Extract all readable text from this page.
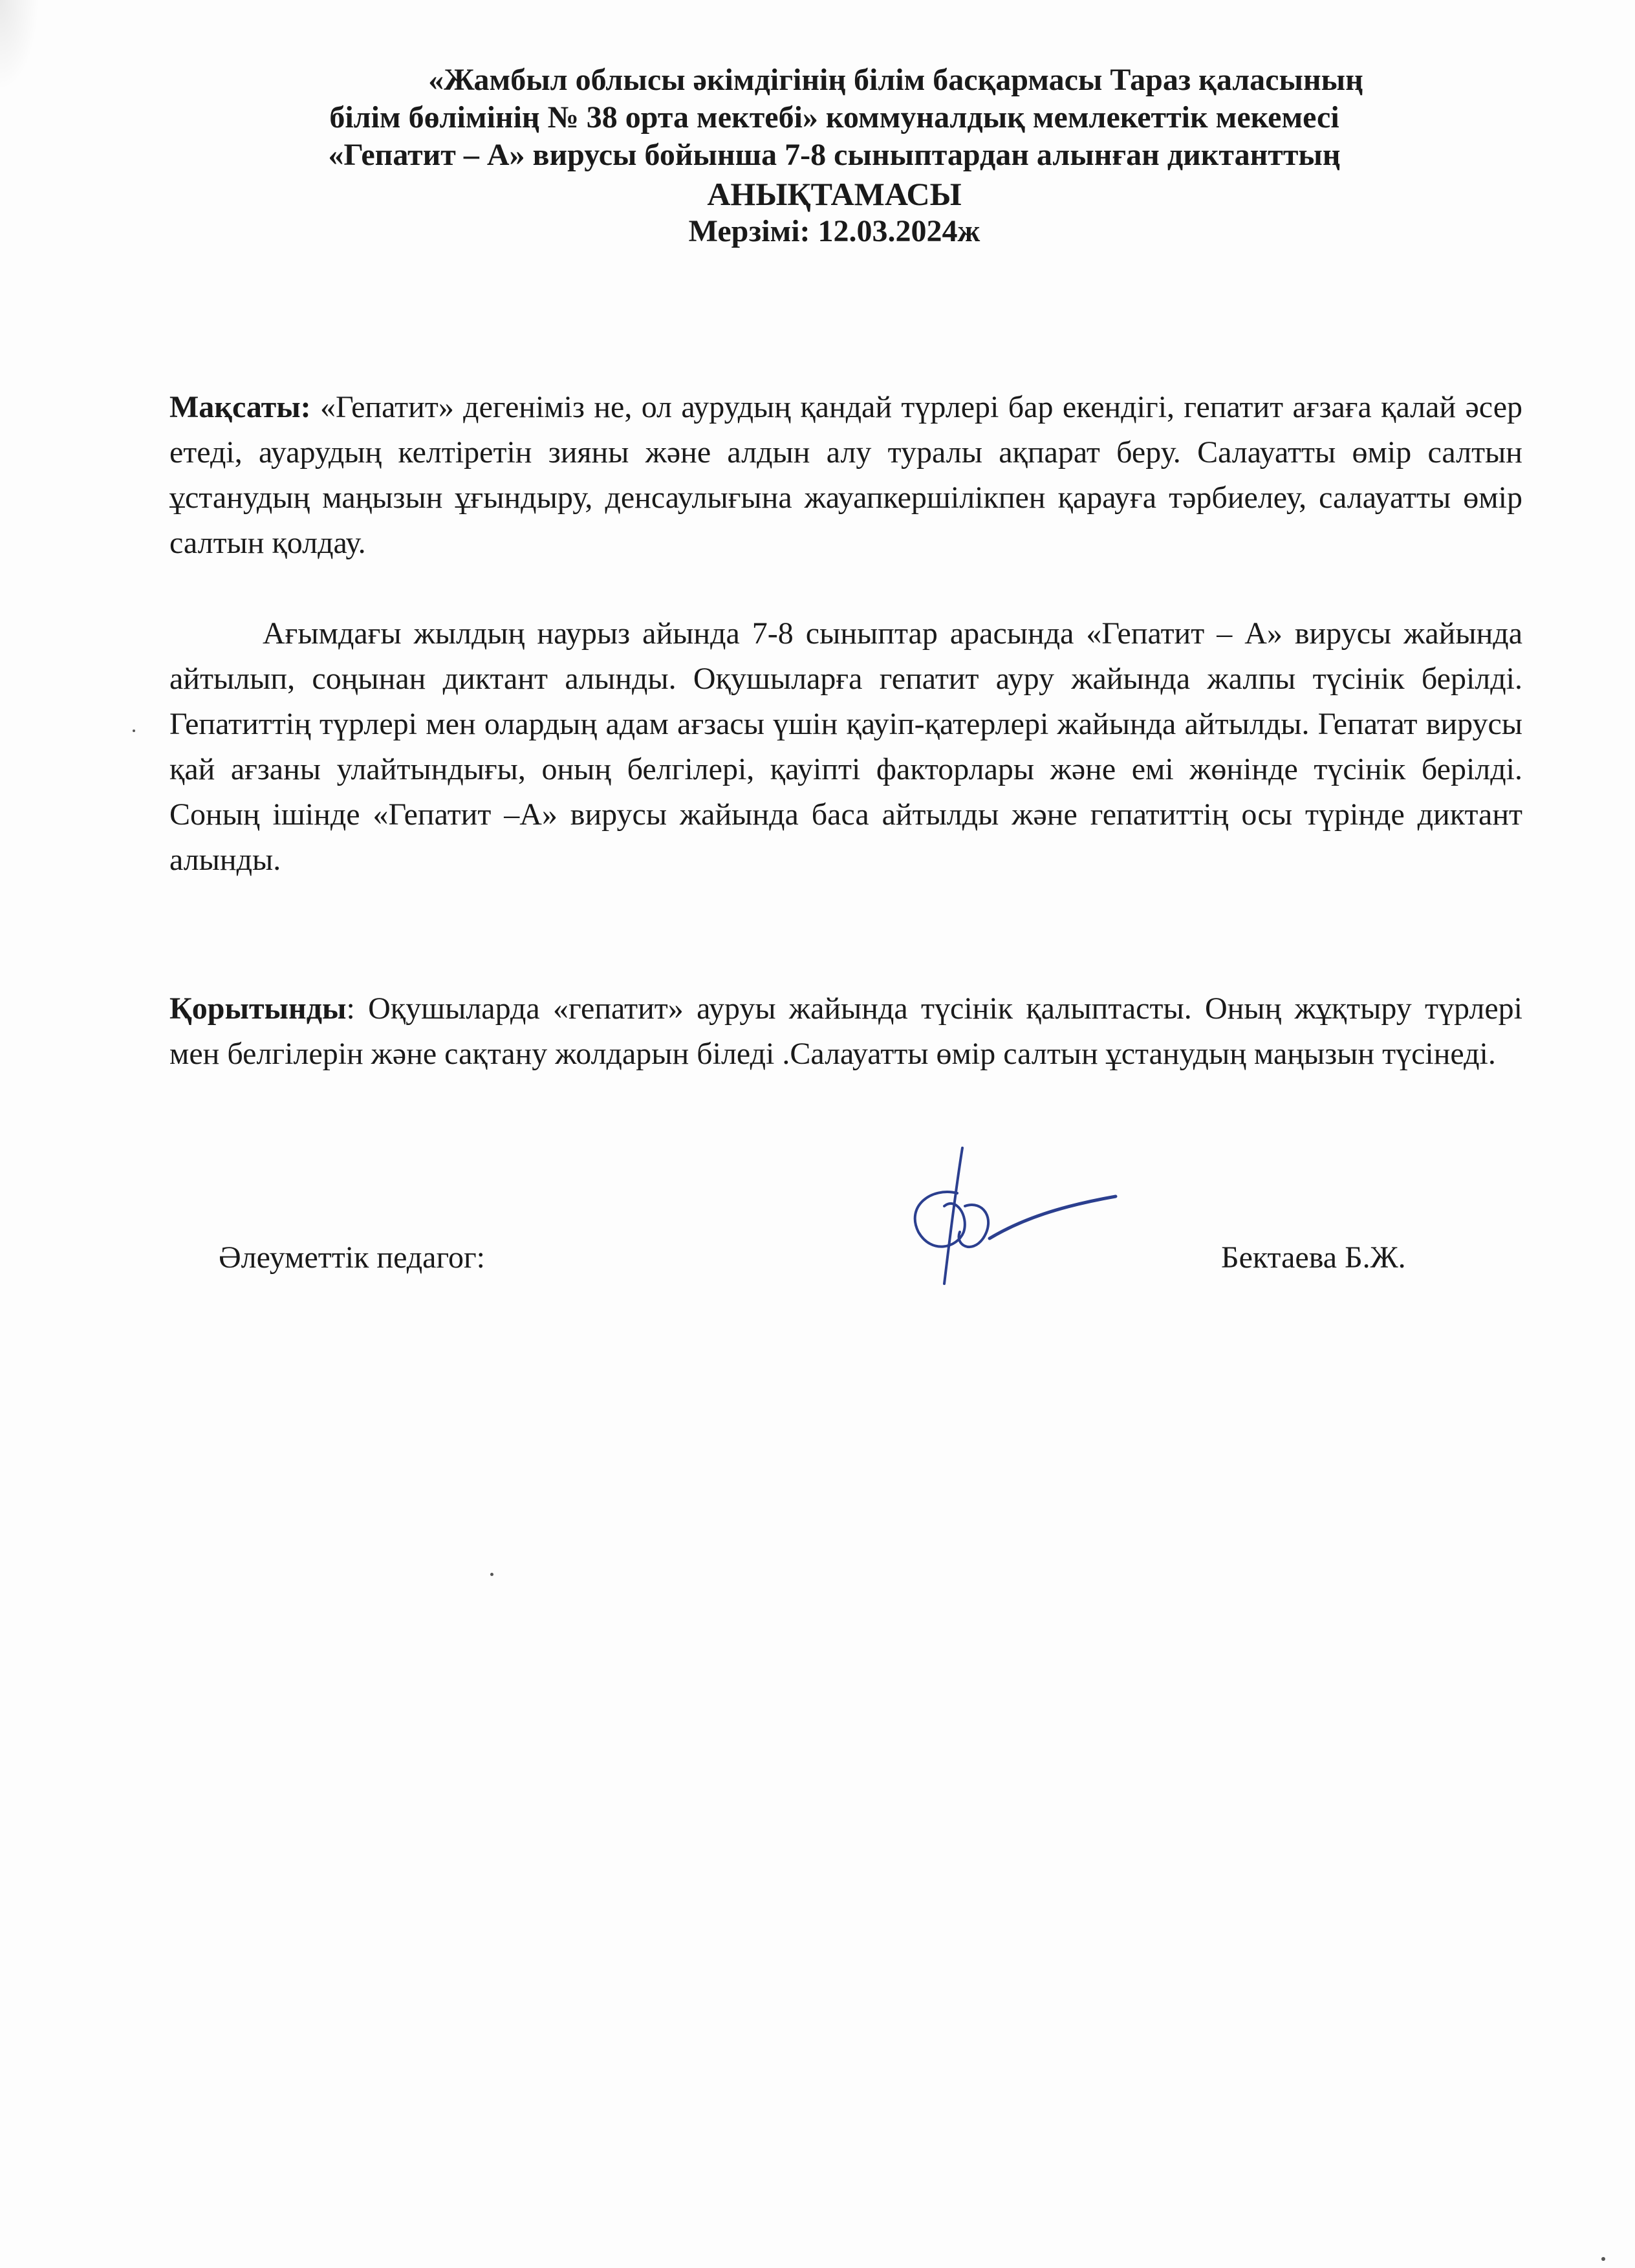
«Жамбыл облысы әкімдігінің білім басқармасы Тараз қаласының
білім бөлімінің № 38 орта мектебі» коммуналдық мемлекеттік мекемесі
«Гепатит – А» вирусы бойынша 7-8 сыныптардан алынған диктанттың
АНЫҚТАМАСЫ
Мерзімі: 12.03.2024ж
Мақсаты: «Гепатит» дегеніміз не, ол аурудың қандай түрлері бар екендігі, гепатит ағзаға қалай әсер етеді, ауарудың келтіретін зияны және алдын алу туралы ақпарат беру. Салауатты өмір салтын ұстанудың маңызын ұғындыру, денсаулығына жауапкершілікпен қарауға тәрбиелеу, салауатты өмір салтын қолдау.
Ағымдағы жылдың наурыз айында 7-8 сыныптар арасында «Гепатит – А» вирусы жайында айтылып, соңынан диктант алынды. Оқушыларға гепатит ауру жайында жалпы түсінік берілді. Гепатиттің түрлері мен олардың адам ағзасы үшін қауіп-қатерлері жайында айтылды. Гепатат вирусы қай ағзаны улайтындығы, оның белгілері, қауіпті факторлары және емі жөнінде түсінік берілді. Соның ішінде «Гепатит –А» вирусы жайында баса айтылды және гепатиттің осы түрінде диктант алынды.
Қорытынды: Оқушыларда «гепатит» ауруы жайында түсінік қалыптасты. Оның жұқтыру түрлері мен белгілерін және сақтану жолдарын біледі .Салауатты өмір салтын ұстанудың маңызын түсінеді.
Әлеуметтік педагог:	Бектаева Б.Ж.
